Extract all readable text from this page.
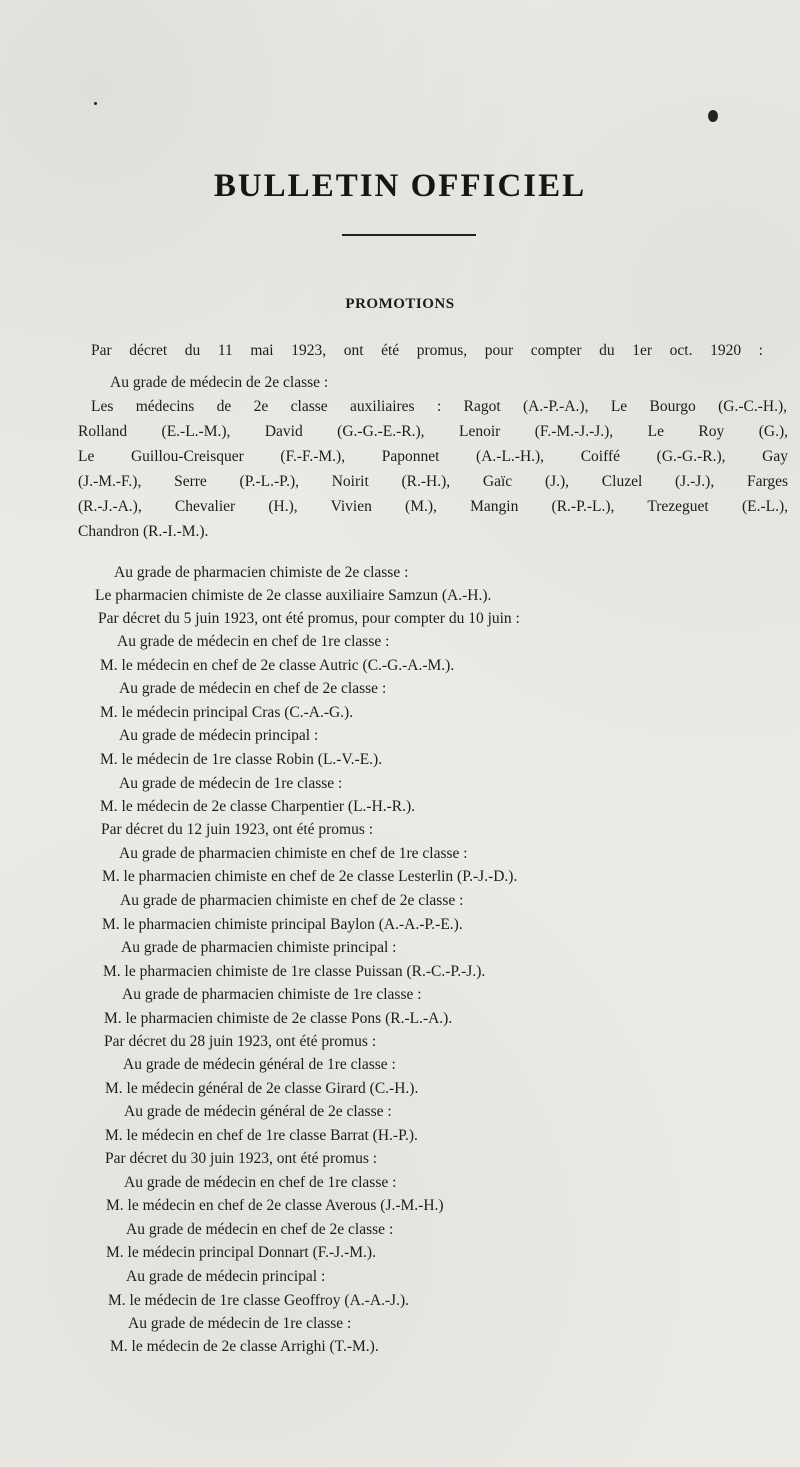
BULLETIN OFFICIEL
PROMOTIONS
Par décret du 11 mai 1923, ont été promus, pour compter du 1er oct. 1920 :
Au grade de médecin de 2e classe :
Les médecins de 2e classe auxiliaires : Ragot (A.-P.-A.), Le Bourgo (G.-C.-H.),
Rolland (E.-L.-M.), David (G.-G.-E.-R.), Lenoir (F.-M.-J.-J.), Le Roy (G.),
Le Guillou-Creisquer (F.-F.-M.), Paponnet (A.-L.-H.), Coiffé (G.-G.-R.), Gay
(J.-M.-F.), Serre (P.-L.-P.), Noirit (R.-H.), Gaïc (J.), Cluzel (J.-J.), Farges
(R.-J.-A.), Chevalier (H.), Vivien (M.), Mangin (R.-P.-L.), Trezeguet (E.-L.),
Chandron (R.-I.-M.).
Au grade de pharmacien chimiste de 2e classe :
Le pharmacien chimiste de 2e classe auxiliaire Samzun (A.-H.).
Par décret du 5 juin 1923, ont été promus, pour compter du 10 juin :
Au grade de médecin en chef de 1re classe :
M. le médecin en chef de 2e classe Autric (C.-G.-A.-M.).
Au grade de médecin en chef de 2e classe :
M. le médecin principal Cras (C.-A.-G.).
Au grade de médecin principal :
M. le médecin de 1re classe Robin (L.-V.-E.).
Au grade de médecin de 1re classe :
M. le médecin de 2e classe Charpentier (L.-H.-R.).
Par décret du 12 juin 1923, ont été promus :
Au grade de pharmacien chimiste en chef de 1re classe :
M. le pharmacien chimiste en chef de 2e classe Lesterlin (P.-J.-D.).
Au grade de pharmacien chimiste en chef de 2e classe :
M. le pharmacien chimiste principal Baylon (A.-A.-P.-E.).
Au grade de pharmacien chimiste principal :
M. le pharmacien chimiste de 1re classe Puissan (R.-C.-P.-J.).
Au grade de pharmacien chimiste de 1re classe :
M. le pharmacien chimiste de 2e classe Pons (R.-L.-A.).
Par décret du 28 juin 1923, ont été promus :
Au grade de médecin général de 1re classe :
M. le médecin général de 2e classe Girard (C.-H.).
Au grade de médecin général de 2e classe :
M. le médecin en chef de 1re classe Barrat (H.-P.).
Par décret du 30 juin 1923, ont été promus :
Au grade de médecin en chef de 1re classe :
M. le médecin en chef de 2e classe Averous (J.-M.-H.)
Au grade de médecin en chef de 2e classe :
M. le médecin principal Donnart (F.-J.-M.).
Au grade de médecin principal :
M. le médecin de 1re classe Geoffroy (A.-A.-J.).
Au grade de médecin de 1re classe :
M. le médecin de 2e classe Arrighi (T.-M.).
